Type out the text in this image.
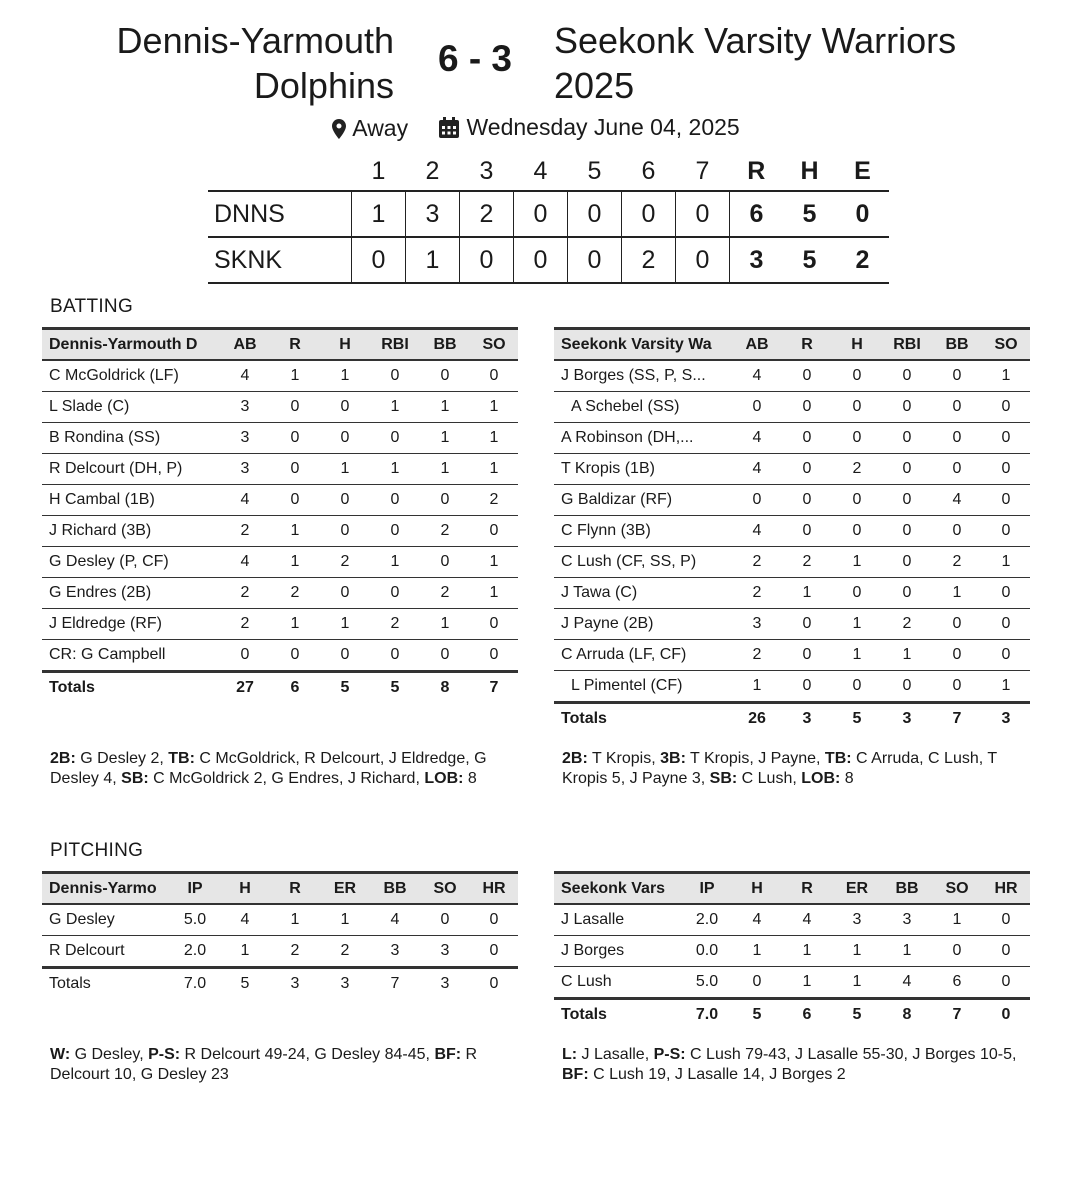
Dennis-Yarmouth
Dolphins
6 - 3	Seekonk Varsity Warriors
2025
Away
	Wednesday June 04, 2025
	1	2	3	4	5	6	7	R	H	E
DNNS	1	3	2	0	0	0	0	6	5	0
SKNK	0	1	0	0	0	2	0	3	5	2
BATTING
Dennis-Yarmouth D	AB	R	H	RBI	BB	SO
C McGoldrick (LF)	4	1	1	0	0	0
L Slade (C)	3	0	0	1	1	1
B Rondina (SS)	3	0	0	0	1	1
R Delcourt (DH, P)	3	0	1	1	1	1
H Cambal (1B)	4	0	0	0	0	2
J Richard (3B)	2	1	0	0	2	0
G Desley (P, CF)	4	1	2	1	0	1
G Endres (2B)	2	2	0	0	2	1
J Eldredge (RF)	2	1	1	2	1	0
CR: G Campbell	0	0	0	0	0	0
Totals	27	6	5	5	8	7
Seekonk Varsity Wa	AB	R	H	RBI	BB	SO
J Borges (SS, P, S...	4	0	0	0	0	1
A Schebel (SS)	0	0	0	0	0	0
A Robinson (DH,...	4	0	0	0	0	0
T Kropis (1B)	4	0	2	0	0	0
G Baldizar (RF)	0	0	0	0	4	0
C Flynn (3B)	4	0	0	0	0	0
C Lush (CF, SS, P)	2	2	1	0	2	1
J Tawa (C)	2	1	0	0	1	0
J Payne (2B)	3	0	1	2	0	0
C Arruda (LF, CF)	2	0	1	1	0	0
L Pimentel (CF)	1	0	0	0	0	1
Totals	26	3	5	3	7	3
2B: G Desley 2, TB: C McGoldrick, R Delcourt, J Eldredge, G Desley 4, SB: C McGoldrick 2, G Endres, J Richard, LOB: 8
2B: T Kropis, 3B: T Kropis, J Payne, TB: C Arruda, C Lush, T Kropis 5, J Payne 3, SB: C Lush, LOB: 8
PITCHING
Dennis-Yarmo	IP	H	R	ER	BB	SO	HR
G Desley	5.0	4	1	1	4	0	0
R Delcourt	2.0	1	2	2	3	3	0
Totals	7.0	5	3	3	7	3	0
Seekonk Vars	IP	H	R	ER	BB	SO	HR
J Lasalle	2.0	4	4	3	3	1	0
J Borges	0.0	1	1	1	1	0	0
C Lush	5.0	0	1	1	4	6	0
Totals	7.0	5	6	5	8	7	0
W: G Desley, P-S: R Delcourt 49-24, G Desley 84-45, BF: R Delcourt 10, G Desley 23
L: J Lasalle, P-S: C Lush 79-43, J Lasalle 55-30, J Borges 10-5, BF: C Lush 19, J Lasalle 14, J Borges 2
